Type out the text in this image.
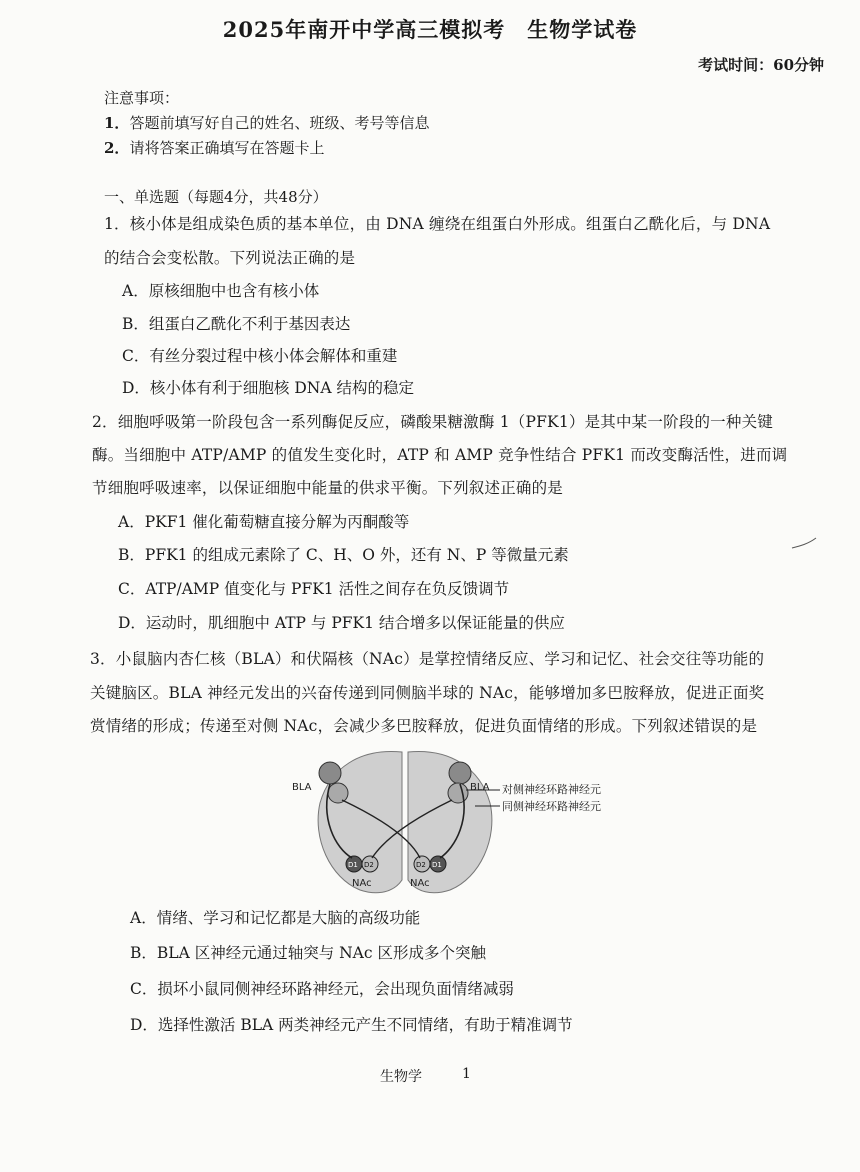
2025年南开中学高三模拟考　生物学试卷
考试时间：60分钟
注意事项：
1．答题前填写好自己的姓名、班级、考号等信息
2．请将答案正确填写在答题卡上
一、单选题（每题4分，共48分）
1．核小体是组成染色质的基本单位，由 DNA 缠绕在组蛋白外形成。组蛋白乙酰化后，与 DNA
的结合会变松散。下列说法正确的是
A．原核细胞中也含有核小体
B．组蛋白乙酰化不利于基因表达
C．有丝分裂过程中核小体会解体和重建
D．核小体有利于细胞核 DNA 结构的稳定
2．细胞呼吸第一阶段包含一系列酶促反应，磷酸果糖激酶 1（PFK1）是其中某一阶段的一种关键
酶。当细胞中 ATP/AMP 的值发生变化时，ATP 和 AMP 竞争性结合 PFK1 而改变酶活性，进而调
节细胞呼吸速率，以保证细胞中能量的供求平衡。下列叙述正确的是
A．PKF1 催化葡萄糖直接分解为丙酮酸等
B．PFK1 的组成元素除了 C、H、O 外，还有 N、P 等微量元素
C．ATP/AMP 值变化与 PFK1 活性之间存在负反馈调节
D．运动时，肌细胞中 ATP 与 PFK1 结合增多以保证能量的供应
3．小鼠脑内杏仁核（BLA）和伏隔核（NAc）是掌控情绪反应、学习和记忆、社会交往等功能的
关键脑区。BLA 神经元发出的兴奋传递到同侧脑半球的 NAc，能够增加多巴胺释放，促进正面奖
赏情绪的形成；传递至对侧 NAc，会减少多巴胺释放，促进负面情绪的形成。下列叙述错误的是
BLA	BLA 对侧神经环路神经元
同侧神经环路神经元
D1 D2	D2 D1
NAc	NAc
A．情绪、学习和记忆都是大脑的高级功能
B．BLA 区神经元通过轴突与 NAc 区形成多个突触
C．损坏小鼠同侧神经环路神经元，会出现负面情绪减弱
D．选择性激活 BLA 两类神经元产生不同情绪，有助于精准调节
生物学	1
